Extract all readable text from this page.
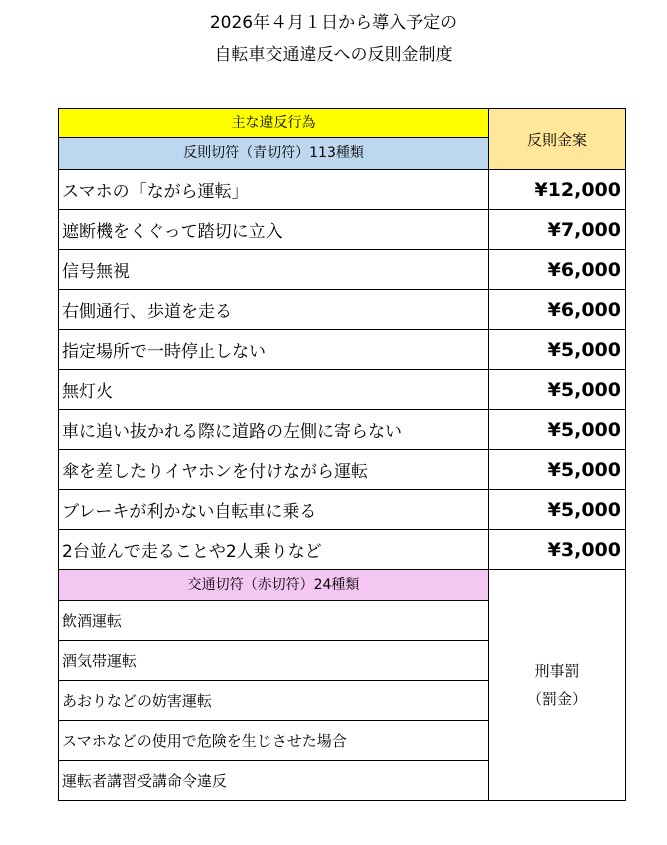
2026年４月１日から導入予定の
自転車交通違反への反則金制度
主な違反行為	反則金案
反則切符（青切符）113種類	
スマホの「ながら運転」	¥12,000
遮断機をくぐって踏切に立入	¥7,000
信号無視	¥6,000
右側通行、歩道を走る	¥6,000
指定場所で一時停止しない	¥5,000
無灯火	¥5,000
車に追い抜かれる際に道路の左側に寄らない	¥5,000
傘を差したりイヤホンを付けながら運転	¥5,000
ブレーキが利かない自転車に乗る	¥5,000
2台並んで走ることや2人乗りなど	¥3,000
交通切符（赤切符）24種類	刑事罰
（罰金）

飲酒運転	
酒気帯運転	
あおりなどの妨害運転	
スマホなどの使用で危険を生じさせた場合	
運転者講習受講命令違反	
